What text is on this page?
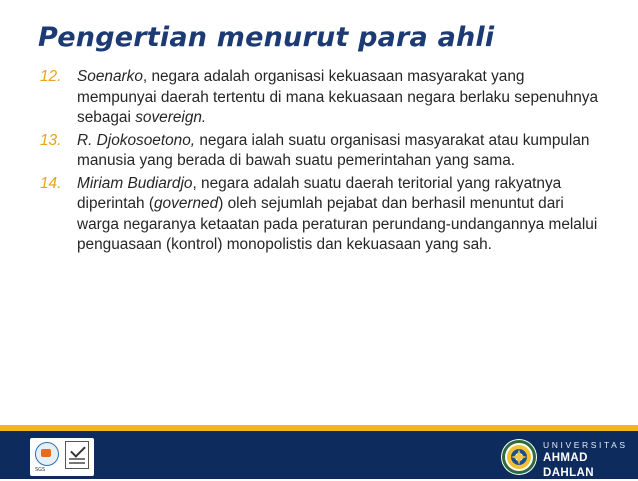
Pengertian menurut para ahli
12. Soenarko, negara adalah organisasi kekuasaan masyarakat yang mempunyai daerah tertentu di mana kekuasaan negara berlaku sepenuhnya sebagai sovereign.
13. R. Djokosoetono, negara ialah suatu organisasi masyarakat atau kumpulan manusia yang berada di bawah suatu pemerintahan yang sama.
14. Miriam Budiardjo, negara adalah suatu daerah teritorial yang rakyatnya diperintah (governed) oleh sejumlah pejabat dan berhasil menuntut dari warga negaranya ketaatan pada peraturan perundang-undangannya melalui penguasaan (kontrol) monopolistis dan kekuasaan yang sah.
SGS
UNIVERSITAS
AHMAD DAHLAN
